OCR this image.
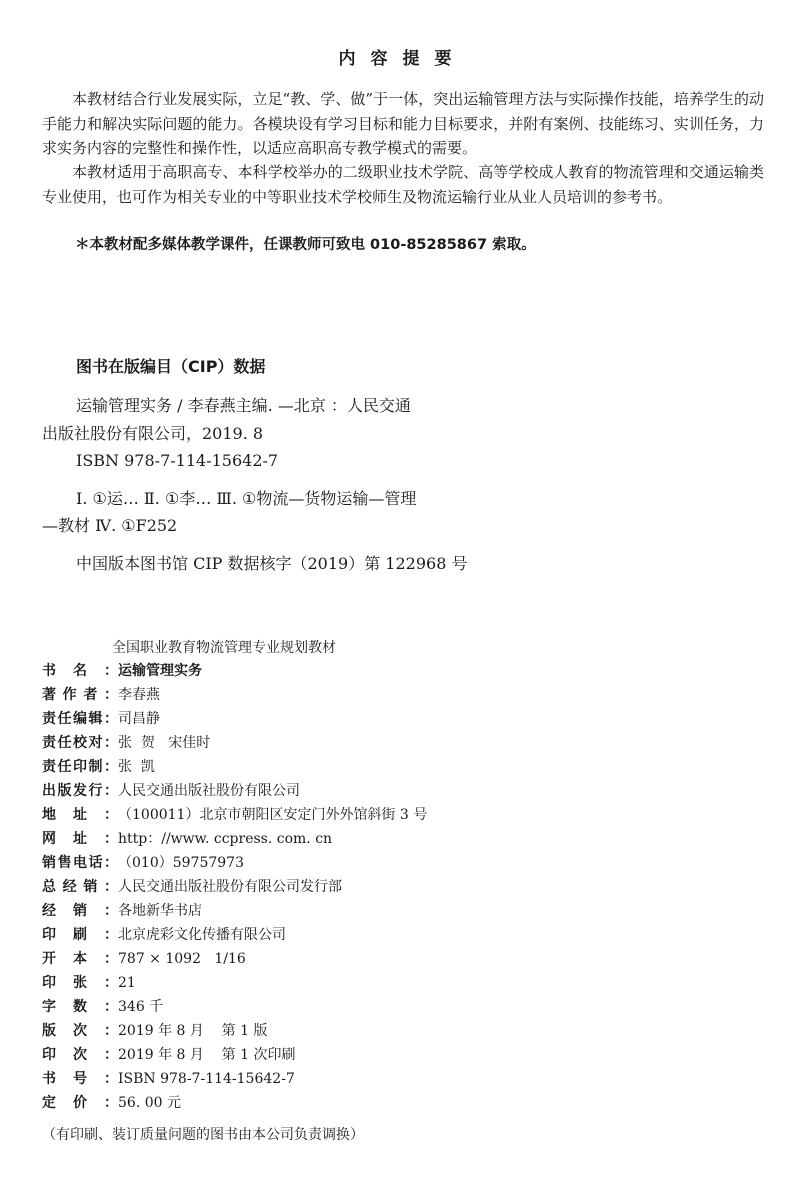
内容提要
本教材结合行业发展实际，立足“教、学、做”于一体，突出运输管理方法与实际操作技能，培养学生的动手能力和解决实际问题的能力。各模块设有学习目标和能力目标要求，并附有案例、技能练习、实训任务，力求实务内容的完整性和操作性，以适应高职高专教学模式的需要。
本教材适用于高职高专、本科学校举办的二级职业技术学院、高等学校成人教育的物流管理和交通运输类专业使用，也可作为相关专业的中等职业技术学校师生及物流运输行业从业人员培训的参考书。
＊本教材配多媒体教学课件，任课教师可致电 010-85285867 索取。
图书在版编目（CIP）数据
运输管理实务 / 李春燕主编. —北京 ：人民交通
出版社股份有限公司，2019. 8
ISBN 978-7-114-15642-7
Ⅰ. ①运… Ⅱ. ①李… Ⅲ. ①物流—货物运输—管理
—教材 Ⅳ. ①F252
中国版本图书馆 CIP 数据核字（2019）第 122968 号
全国职业教育物流管理专业规划教材
书名：运输管理实务
著作者：李春燕
责任编辑：司昌静
责任校对：张  贺   宋佳时
责任印制：张  凯
出版发行：人民交通出版社股份有限公司
地址：（100011）北京市朝阳区安定门外外馆斜街 3 号
网址：http：//www. ccpress. com. cn
销售电话：（010）59757973
总经销：人民交通出版社股份有限公司发行部
经销：各地新华书店
印刷：北京虎彩文化传播有限公司
开本：787 × 1092   1/16
印张：21
字数：346 千
版次：2019 年 8 月    第 1 版
印次：2019 年 8 月    第 1 次印刷
书号：ISBN 978-7-114-15642-7
定价：56. 00 元
（有印刷、装订质量问题的图书由本公司负责调换）
